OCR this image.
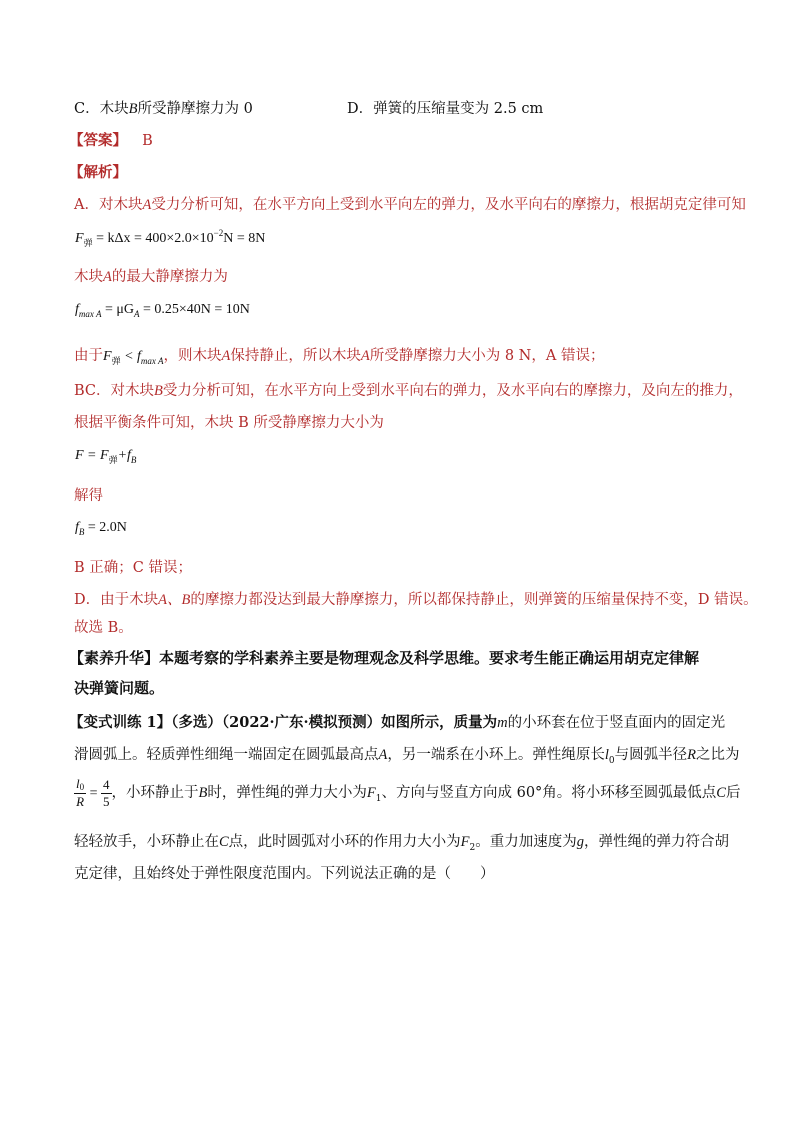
C．木块B所受静摩擦力为 0	D．弹簧的压缩量变为 2.5 cm
【答案】 B
【解析】
A．对木块A受力分析可知，在水平方向上受到水平向左的弹力，及水平向右的摩擦力，根据胡克定律可知
$F_弹 = k\Delta x = 400\times 2.0\times 10^{-2}N = 8N$
木块A的最大静摩擦力为
$f_{max A} = \mu G_A = 0.25\times 40N = 10N$
由于$F_弹 < f_{max A}$，则木块A保持静止，所以木块A所受静摩擦力大小为 8 N，A 错误；
BC．对木块B受力分析可知，在水平方向上受到水平向右的弹力，及水平向右的摩擦力，及向左的推力，
根据平衡条件可知，木块 B 所受静摩擦力大小为
$F = F_弹+f_B$
解得
$f_B = 2.0N$
B 正确；C 错误；
D．由于木块A、B的摩擦力都没达到最大静摩擦力，所以都保持静止，则弹簧的压缩量保持不变，D 错误。
故选 B。
【素养升华】本题考察的学科素养主要是物理观念及科学思维。要求考生能正确运用胡克定律解
决弹簧问题。
【变式训练 1】（多选）（2022·广东·模拟预测）如图所示，质量为m的小环套在位于竖直面内的固定光
滑圆弧上。轻质弹性细绳一端固定在圆弧最高点A，另一端系在小环上。弹性绳原长$l_0$与圆弧半径R之比为
$\frac{l0}{R} = \frac{4}{5}$ ，小环静止于B时，弹性绳的弹力大小为$F_1$、方向与竖直方向成 60°角。将小环移至圆弧最低点C后
轻轻放手，小环静止在C点，此时圆弧对小环的作用力大小为$F_2$。重力加速度为g，弹性绳的弹力符合胡
克定律，且始终处于弹性限度范围内。下列说法正确的是（　　）
